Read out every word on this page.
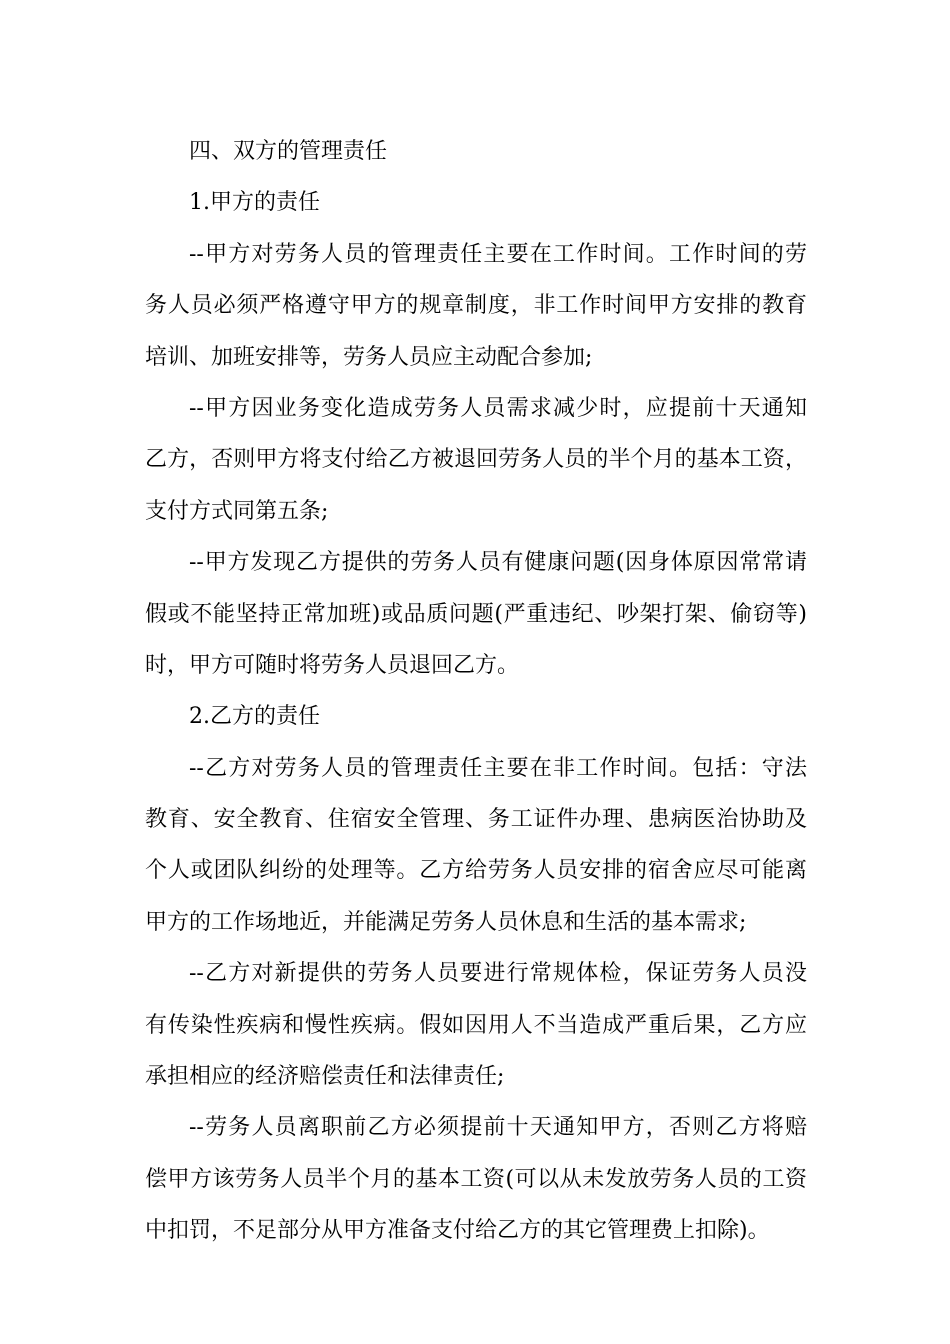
四、双方的管理责任
1.甲方的责任
--甲方对劳务人员的管理责任主要在工作时间。工作时间的劳
务人员必须严格遵守甲方的规章制度，非工作时间甲方安排的教育
培训、加班安排等，劳务人员应主动配合参加;
--甲方因业务变化造成劳务人员需求减少时，应提前十天通知
乙方，否则甲方将支付给乙方被退回劳务人员的半个月的基本工资，
支付方式同第五条;
--甲方发现乙方提供的劳务人员有健康问题(因身体原因常常请
假或不能坚持正常加班)或品质问题(严重违纪、吵架打架、偷窃等)
时，甲方可随时将劳务人员退回乙方。
2.乙方的责任
--乙方对劳务人员的管理责任主要在非工作时间。包括：守法
教育、安全教育、住宿安全管理、务工证件办理、患病医治协助及
个人或团队纠纷的处理等。乙方给劳务人员安排的宿舍应尽可能离
甲方的工作场地近，并能满足劳务人员休息和生活的基本需求;
--乙方对新提供的劳务人员要进行常规体检，保证劳务人员没
有传染性疾病和慢性疾病。假如因用人不当造成严重后果，乙方应
承担相应的经济赔偿责任和法律责任;
--劳务人员离职前乙方必须提前十天通知甲方，否则乙方将赔
偿甲方该劳务人员半个月的基本工资(可以从未发放劳务人员的工资
中扣罚，不足部分从甲方准备支付给乙方的其它管理费上扣除)。
